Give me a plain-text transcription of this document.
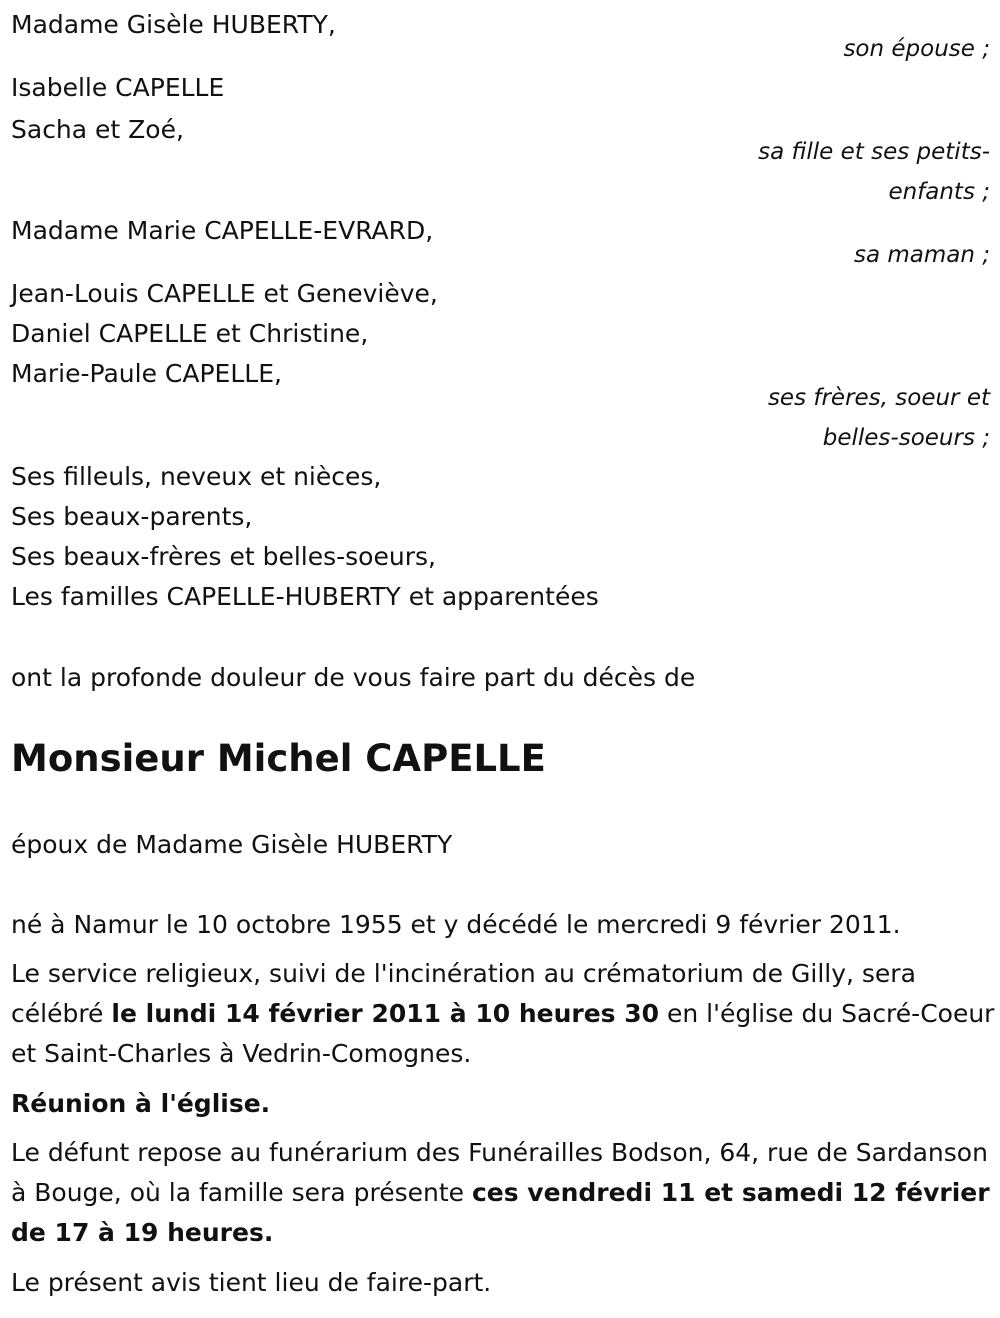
Madame Gisèle HUBERTY,
son épouse ;
Isabelle CAPELLE
Sacha et Zoé,
sa fille et ses petits-
enfants ;
Madame Marie CAPELLE-EVRARD,
sa maman ;
Jean-Louis CAPELLE et Geneviève,
Daniel CAPELLE et Christine,
Marie-Paule CAPELLE,
ses frères, soeur et
belles-soeurs ;
Ses filleuls, neveux et nièces,
Ses beaux-parents,
Ses beaux-frères et belles-soeurs,
Les familles CAPELLE-HUBERTY et apparentées
ont la profonde douleur de vous faire part du décès de
Monsieur Michel CAPELLE
époux de Madame Gisèle HUBERTY
né à Namur le 10 octobre 1955 et y décédé le mercredi 9 février 2011.
Le service religieux, suivi de l'incinération au crématorium de Gilly, sera célébré le lundi 14 février 2011 à 10 heures 30 en l'église du Sacré-Coeur et Saint-Charles à Vedrin-Comognes.
Réunion à l'église.
Le défunt repose au funérarium des Funérailles Bodson, 64, rue de Sardanson à Bouge, où la famille sera présente ces vendredi 11 et samedi 12 février de 17 à 19 heures.
Le présent avis tient lieu de faire-part.
